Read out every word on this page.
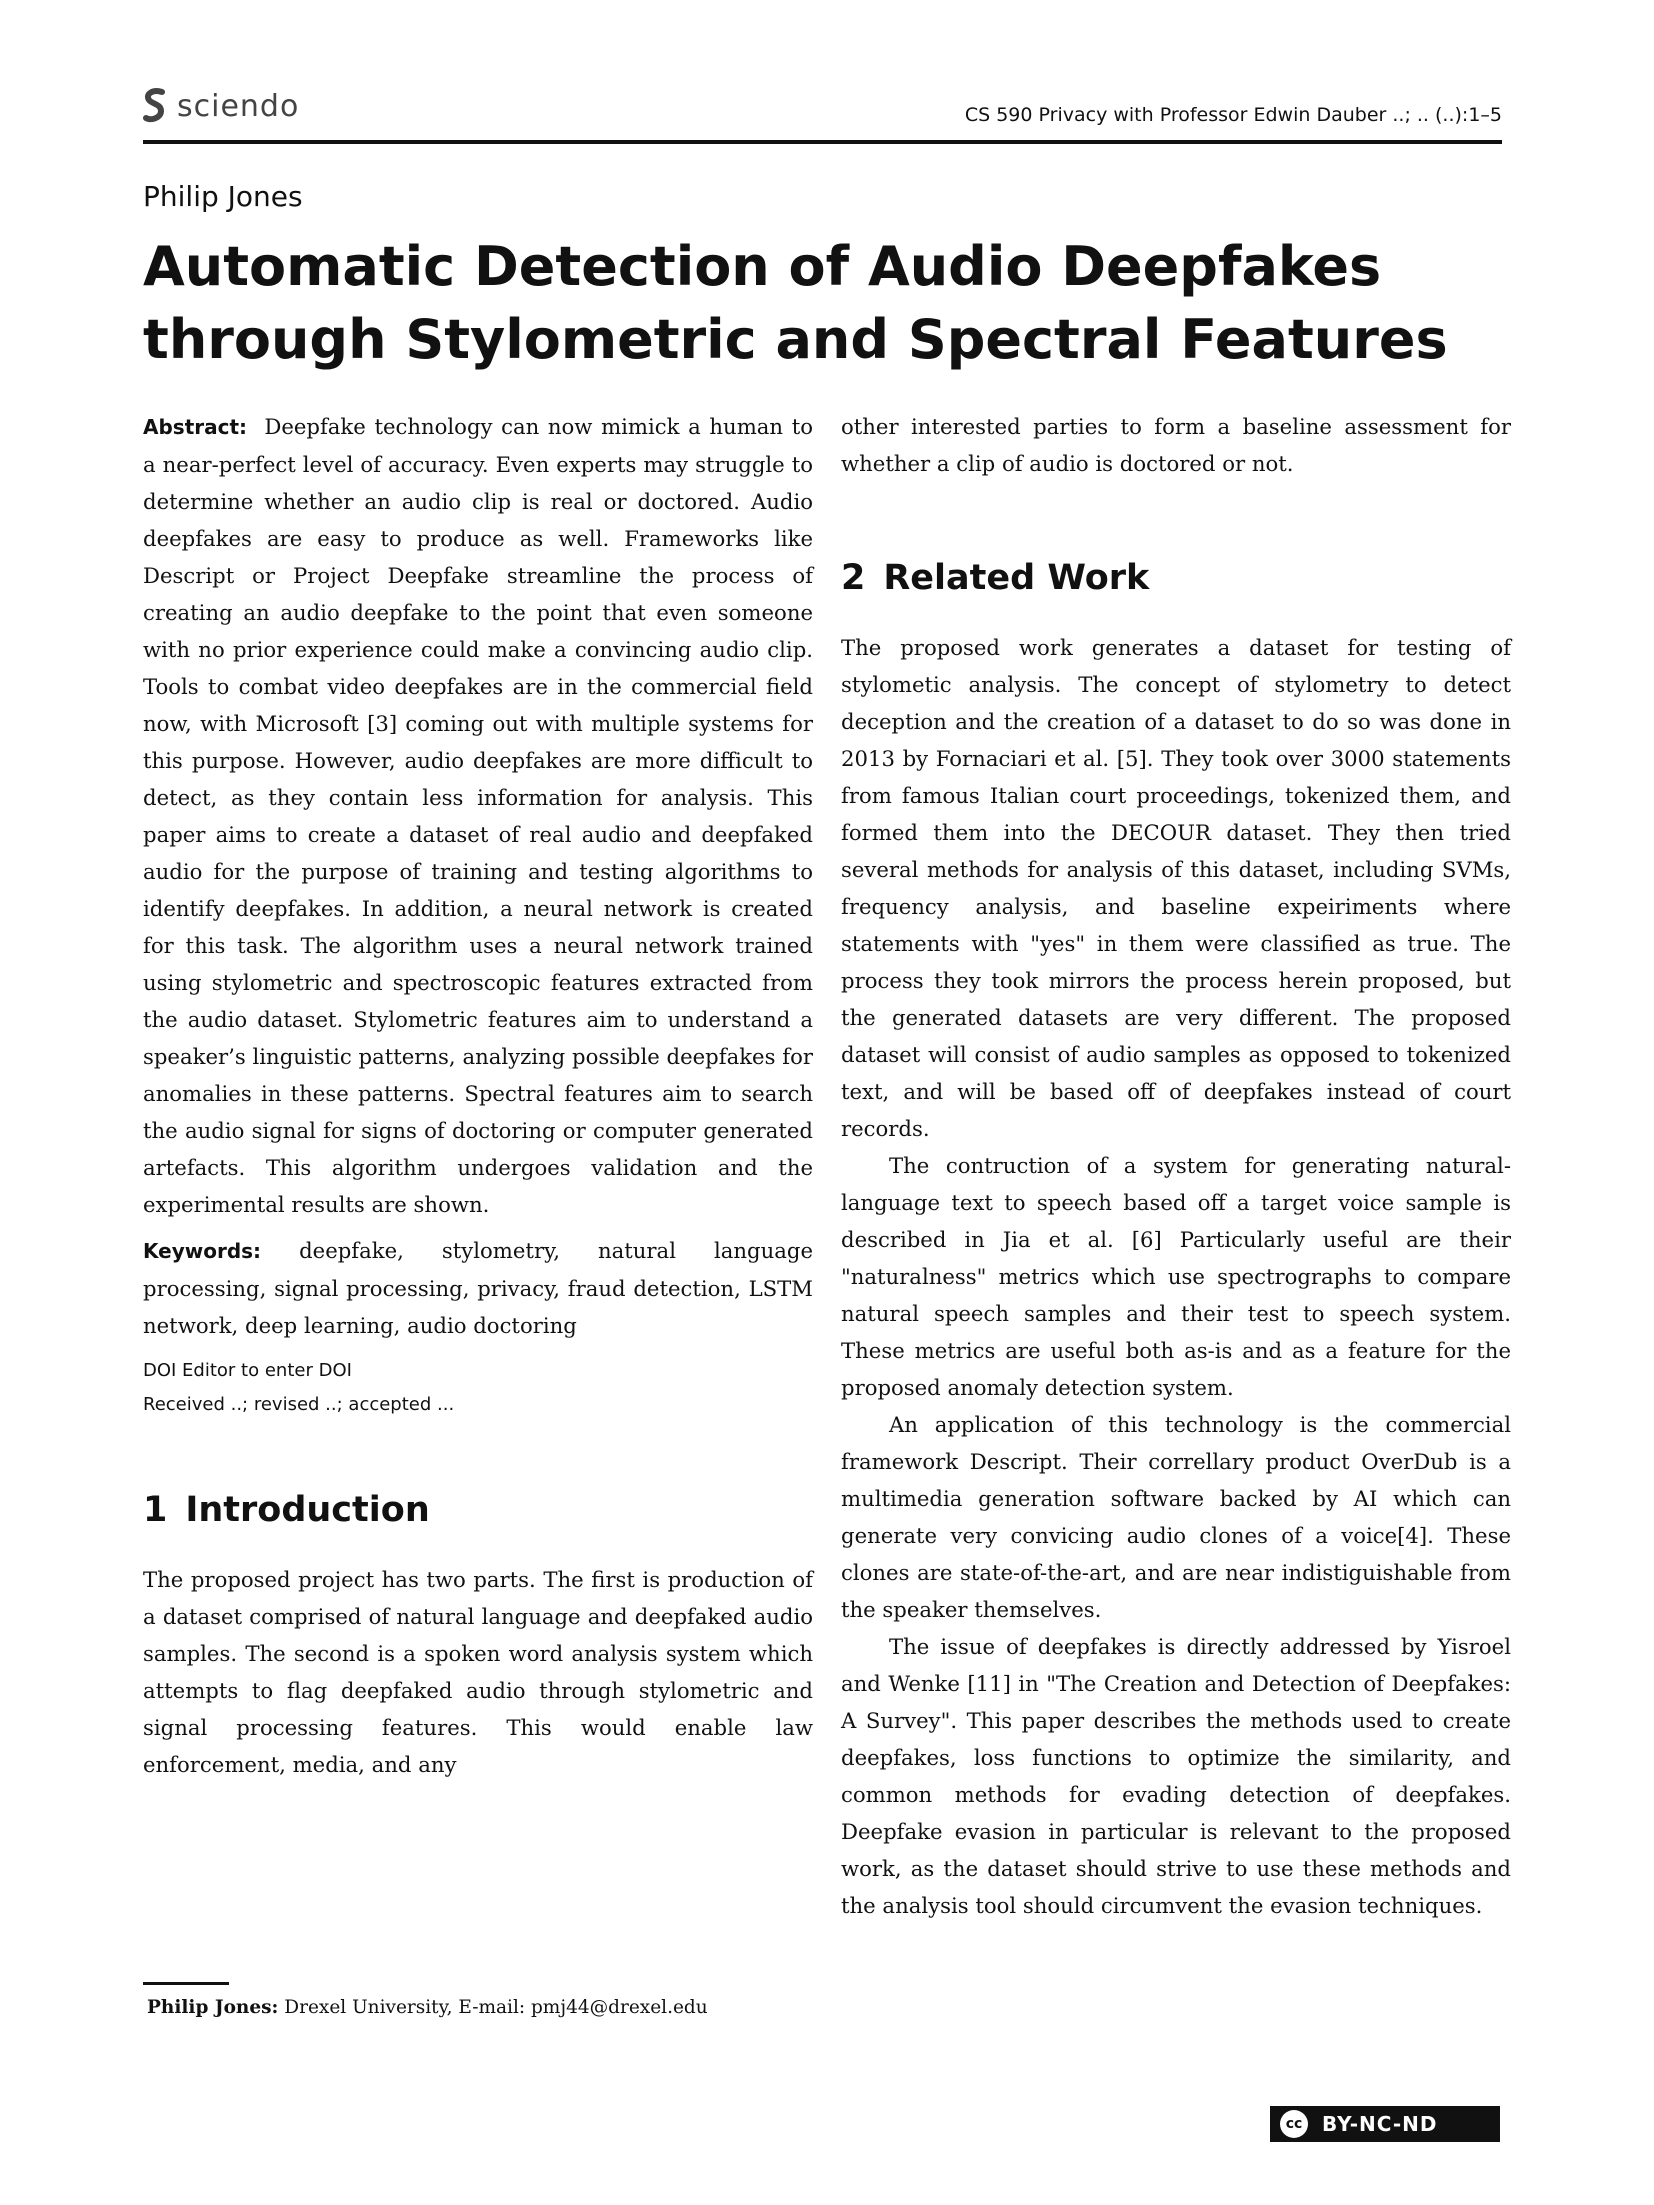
sciendo	CS 590 Privacy with Professor Edwin Dauber ..; .. (..):1–5
Philip Jones
Automatic Detection of Audio Deepfakes through Stylometric and Spectral Features

Abstract: Deepfake technology can now mimick a human to a near-perfect level of accuracy. Even experts may struggle to determine whether an audio clip is real or doctored. Audio deepfakes are easy to produce as well. Frameworks like Descript or Project Deepfake streamline the process of creating an audio deepfake to the point that even someone with no prior experience could make a convincing audio clip. Tools to combat video deepfakes are in the commercial field now, with Microsoft [3] coming out with multiple systems for this purpose. However, audio deepfakes are more difficult to detect, as they contain less information for analysis. This paper aims to create a dataset of real audio and deepfaked audio for the purpose of training and testing algorithms to identify deepfakes. In addition, a neural network is created for this task. The algorithm uses a neural network trained using stylometric and spectroscopic features extracted from the audio dataset. Stylometric features aim to understand a speaker’s linguistic patterns, analyzing possible deepfakes for anomalies in these patterns. Spectral features aim to search the audio signal for signs of doctoring or computer generated artefacts. This algorithm undergoes validation and the experimental results are shown.

Keywords: deepfake, stylometry, natural language processing, signal processing, privacy, fraud detection, LSTM network, deep learning, audio doctoring

DOI Editor to enter DOI

Received ..; revised ..; accepted ...

1 Introduction

The proposed project has two parts. The first is production of a dataset comprised of natural language and deepfaked audio samples. The second is a spoken word analysis system which attempts to flag deepfaked audio through stylometric and signal processing features. This would enable law enforcement, media, and any

other interested parties to form a baseline assessment for whether a clip of audio is doctored or not.

2 Related Work

The proposed work generates a dataset for testing of stylometic analysis. The concept of stylometry to detect deception and the creation of a dataset to do so was done in 2013 by Fornaciari et al. [5]. They took over 3000 statements from famous Italian court proceedings, tokenized them, and formed them into the DECOUR dataset. They then tried several methods for analysis of this dataset, including SVMs, frequency analysis, and baseline expeiriments where statements with "yes" in them were classified as true. The process they took mirrors the process herein proposed, but the generated datasets are very different. The proposed dataset will consist of audio samples as opposed to tokenized text, and will be based off of deepfakes instead of court records.

The contruction of a system for generating natural-language text to speech based off a target voice sample is described in Jia et al. [6] Particularly useful are their "naturalness" metrics which use spectrographs to compare natural speech samples and their test to speech system. These metrics are useful both as-is and as a feature for the proposed anomaly detection system.

An application of this technology is the commercial framework Descript. Their correllary product OverDub is a multimedia generation software backed by AI which can generate very convicing audio clones of a voice[4]. These clones are state-of-the-art, and are near indistiguishable from the speaker themselves.

The issue of deepfakes is directly addressed by Yisroel and Wenke [11] in "The Creation and Detection of Deepfakes: A Survey". This paper describes the methods used to create deepfakes, loss functions to optimize the similarity, and common methods for evading detection of deepfakes. Deepfake evasion in particular is relevant to the proposed work, as the dataset should strive to use these methods and the analysis tool should circumvent the evasion techniques.

Philip Jones: Drexel University, E-mail: pmj44@drexel.edu
cc BY-NC-ND
